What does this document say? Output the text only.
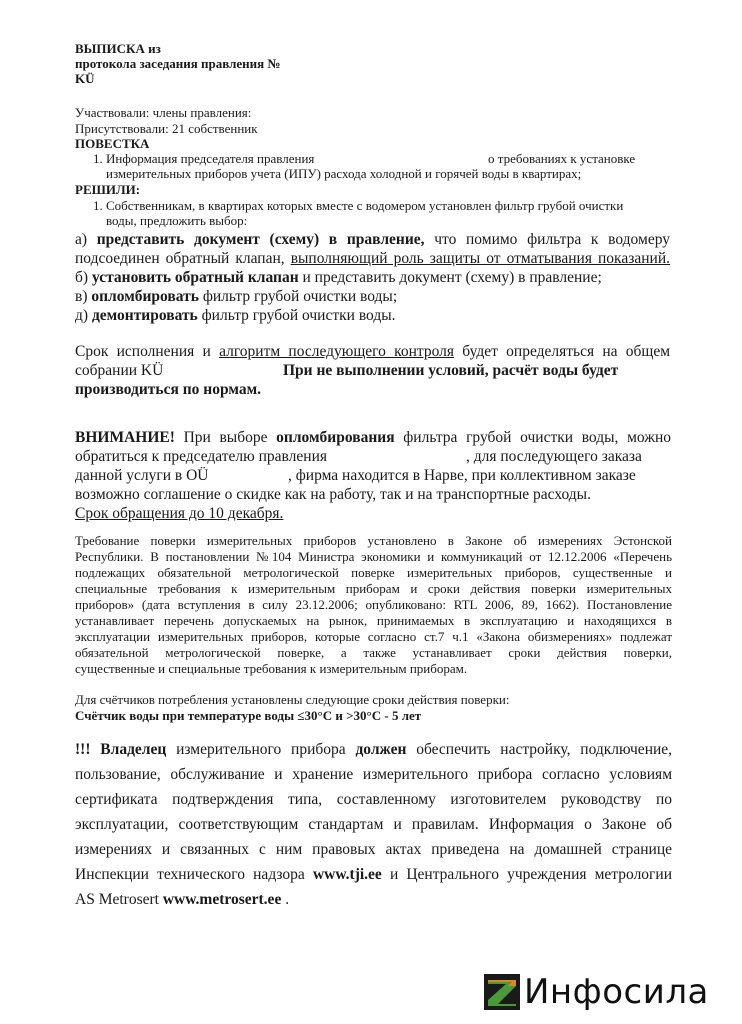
ВЫПИСКА из
протокола заседания правления №
KÜ
Участвовали: члены правления:
Присутствовали: 21 собственник
ПОВЕСТКА
1. Информация председателя правления	о требованиях к установке
измерительных приборов учета (ИПУ) расхода холодной и горячей воды в квартирах;
РЕШИЛИ:
1. Собственникам, в квартирах которых вместе с водомером установлен фильтр грубой очистки
воды, предложить выбор:
а) представить документ (схему) в правление, что помимо фильтра к водомеру
подсоединен обратный клапан, выполняющий роль защиты от отматывания показаний.
б) установить обратный клапан и представить документ (схему) в правление;
в) опломбировать фильтр грубой очистки воды;
д) демонтировать фильтр грубой очистки воды.
Срок исполнения и алгоритм последующего контроля будет определяться на общем
собрании KÜ	При не выполнении условий, расчёт воды будет
производиться по нормам.
ВНИМАНИЕ! При выборе опломбирования фильтра грубой очистки воды, можно
обратиться к председателю правления	, для последующего заказа
данной услуги в OÜ	, фирма находится в Нарве, при коллективном заказе
возможно соглашение о скидке как на работу, так и на транспортные расходы.
Срок обращения до 10 декабря.
Требование поверки измерительных приборов установлено в Законе об измерениях Эстонской
Республики. В постановлении №104 Министра экономики и коммуникаций от 12.12.2006 «Перечень
подлежащих обязательной метрологической поверке измерительных приборов, существенные и
специальные требования к измерительным приборам и сроки действия поверки измерительных
приборов» (дата вступления в силу 23.12.2006; опубликовано: RTL 2006, 89, 1662). Постановление
устанавливает перечень допускаемых на рынок, принимаемых в эксплуатацию и находящихся в
эксплуатации измерительных приборов, которые согласно ст.7 ч.1 «Закона обизмерениях» подлежат
обязательной метрологической поверке, а также устанавливает сроки действия поверки,
существенные и специальные требования к измерительным приборам.
Для счётчиков потребления установлены следующие сроки действия поверки:
Счётчик воды при температуре воды ≤30°C и >30°C - 5 лет
!!! Владелец измерительного прибора должен обеспечить настройку, подключение,
пользование, обслуживание и хранение измерительного прибора согласно условиям
сертификата подтверждения типа, составленному изготовителем руководству по
эксплуатации, соответствующим стандартам и правилам. Информация о Законе об
измерениях и связанных с ним правовых актах приведена на домашней странице
Инспекции технического надзора www.tji.ee и Центрального учреждения метрологии
AS Metrosert www.metrosert.ee .
Инфосила
